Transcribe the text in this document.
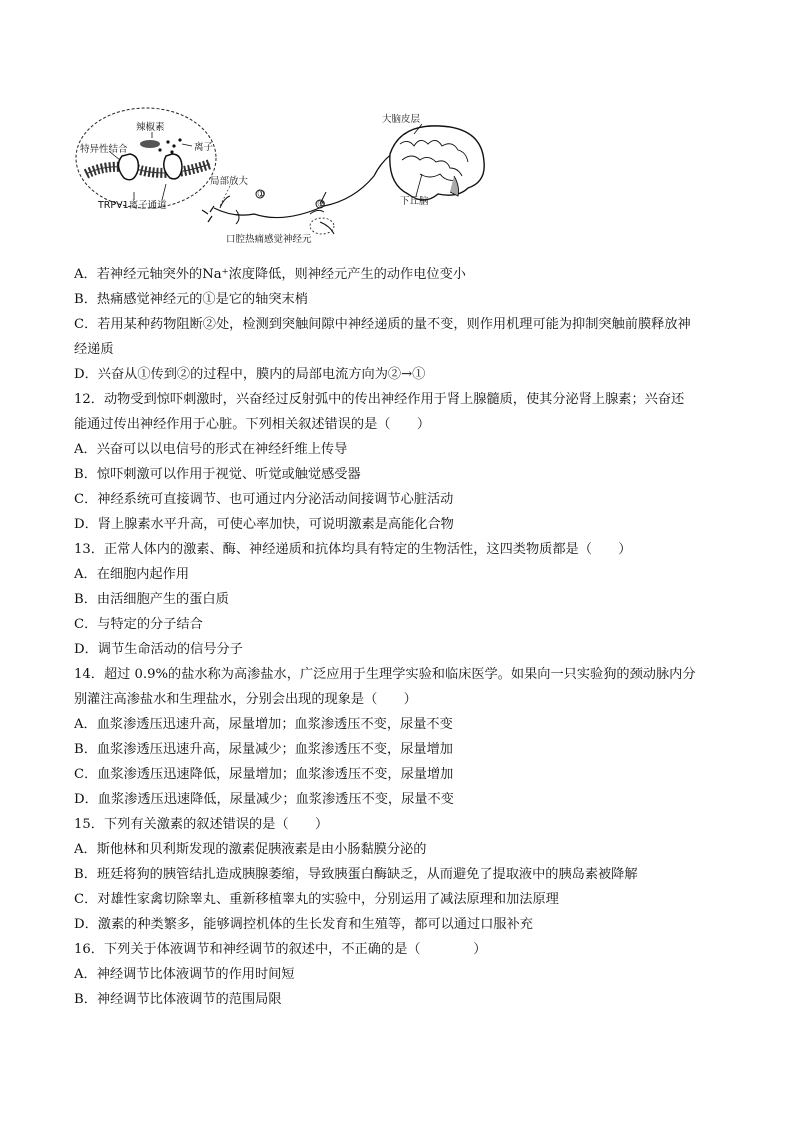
辣椒素
特异性结合	离子
TRPV1离子通道
①
②
局部放大
口腔热痛感觉神经元
大脑皮层
下丘脑
A．若神经元轴突外的Na⁺浓度降低，则神经元产生的动作电位变小
B．热痛感觉神经元的①是它的轴突末梢
C．若用某种药物阻断②处，检测到突触间隙中神经递质的量不变，则作用机理可能为抑制突触前膜释放神
经递质
D．兴奋从①传到②的过程中，膜内的局部电流方向为②→①
12．动物受到惊吓刺激时，兴奋经过反射弧中的传出神经作用于肾上腺髓质，使其分泌肾上腺素；兴奋还
能通过传出神经作用于心脏。下列相关叙述错误的是（　　）
A．兴奋可以以电信号的形式在神经纤维上传导
B．惊吓刺激可以作用于视觉、听觉或触觉感受器
C．神经系统可直接调节、也可通过内分泌活动间接调节心脏活动
D．肾上腺素水平升高，可使心率加快，可说明激素是高能化合物
13．正常人体内的激素、酶、神经递质和抗体均具有特定的生物活性，这四类物质都是（　　）
A．在细胞内起作用
B．由活细胞产生的蛋白质
C．与特定的分子结合
D．调节生命活动的信号分子
14．超过 0.9%的盐水称为高渗盐水，广泛应用于生理学实验和临床医学。如果向一只实验狗的颈动脉内分
别灌注高渗盐水和生理盐水，分别会出现的现象是（　　）
A．血浆渗透压迅速升高，尿量增加；血浆渗透压不变，尿量不变
B．血浆渗透压迅速升高，尿量减少；血浆渗透压不变，尿量增加
C．血浆渗透压迅速降低，尿量增加；血浆渗透压不变，尿量增加
D．血浆渗透压迅速降低，尿量减少；血浆渗透压不变，尿量不变
15．下列有关激素的叙述错误的是（　　）
A．斯他林和贝利斯发现的激素促胰液素是由小肠黏膜分泌的
B．班廷将狗的胰管结扎造成胰腺萎缩，导致胰蛋白酶缺乏，从而避免了提取液中的胰岛素被降解
C．对雄性家禽切除睾丸、重新移植睾丸的实验中，分别运用了减法原理和加法原理
D．激素的种类繁多，能够调控机体的生长发育和生殖等，都可以通过口服补充
16．下列关于体液调节和神经调节的叙述中，不正确的是（　　　　）
A．神经调节比体液调节的作用时间短
B．神经调节比体液调节的范围局限
